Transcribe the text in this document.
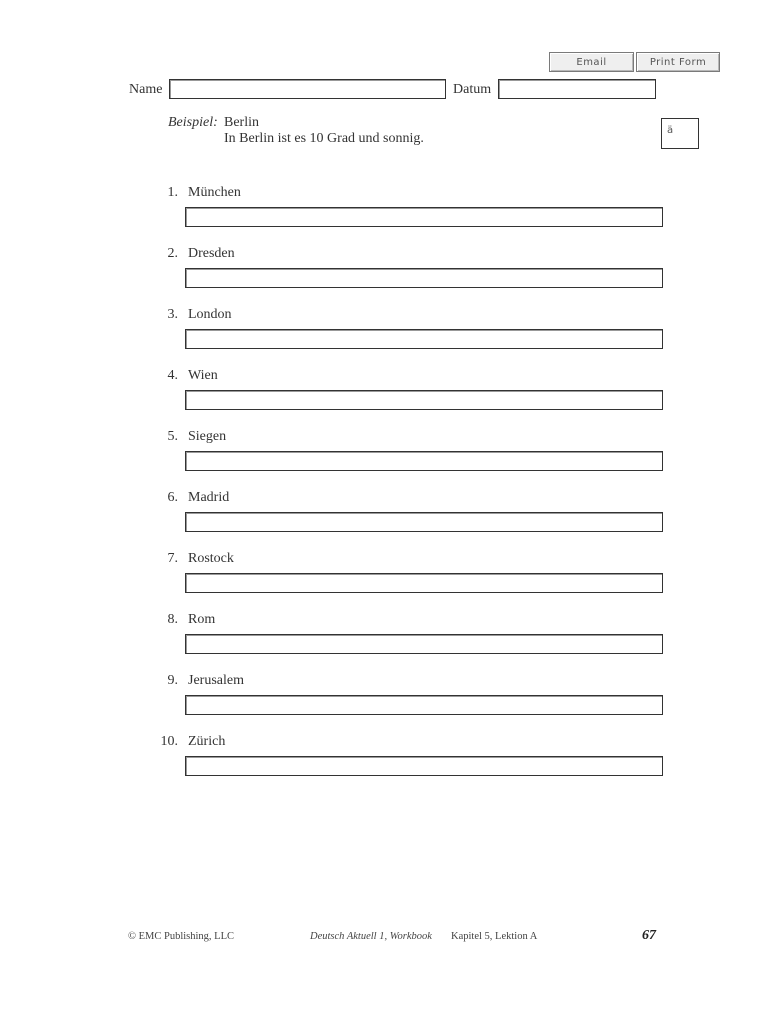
Email	Print Form
Name	Datum
Beispiel: Berlin
In Berlin ist es 10 Grad und sonnig.
ä
1. München
2. Dresden
3. London
4. Wien
5. Siegen
6. Madrid
7. Rostock
8. Rom
9. Jerusalem
10. Zürich
© EMC Publishing, LLC	Deutsch Aktuell 1, Workbook Kapitel 5, Lektion A	67
